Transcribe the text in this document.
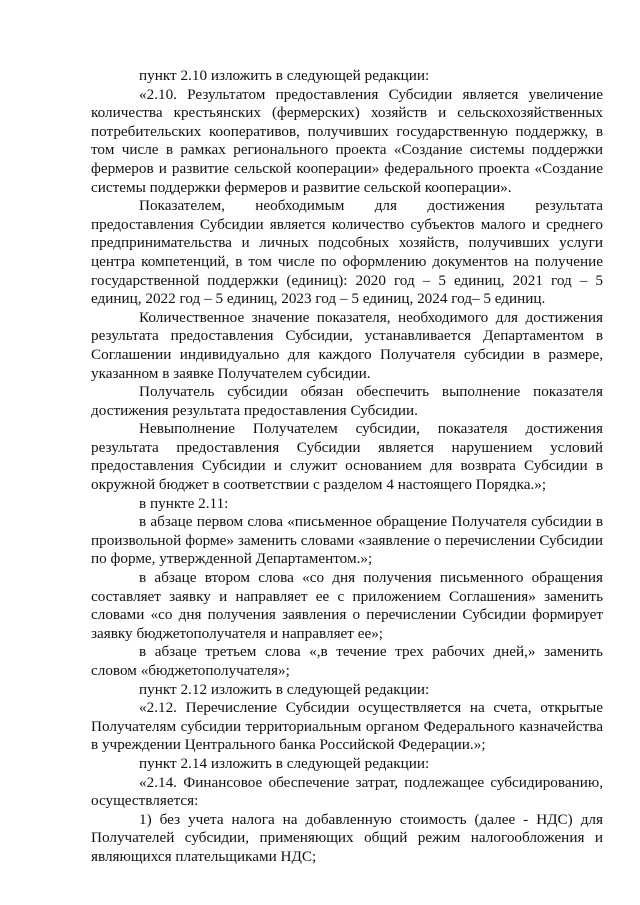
пункт 2.10 изложить в следующей редакции:

«2.10. Результатом предоставления Субсидии является увеличение количества крестьянских (фермерских) хозяйств и сельскохозяйственных потребительских кооперативов, получивших государственную поддержку, в том числе в рамках регионального проекта «Создание системы поддержки фермеров и развитие сельской кооперации» федерального проекта «Создание системы поддержки фермеров и развитие сельской кооперации».

Показателем, необходимым для достижения результата предоставления Субсидии является количество субъектов малого и среднего предпринимательства и личных подсобных хозяйств, получивших услуги центра компетенций, в том числе по оформлению документов на получение государственной поддержки (единиц): 2020 год – 5 единиц, 2021 год – 5 единиц, 2022 год – 5 единиц, 2023 год – 5 единиц, 2024 год– 5 единиц.

Количественное значение показателя, необходимого для достижения результата предоставления Субсидии, устанавливается Департаментом в Соглашении индивидуально для каждого Получателя субсидии в размере, указанном в заявке Получателем субсидии.

Получатель субсидии обязан обеспечить выполнение показателя достижения результата предоставления Субсидии.

Невыполнение Получателем субсидии, показателя достижения результата предоставления Субсидии является нарушением условий предоставления Субсидии и служит основанием для возврата Субсидии в окружной бюджет в соответствии с разделом 4 настоящего Порядка.»;

в пункте 2.11:

в абзаце первом слова «письменное обращение Получателя субсидии в произвольной форме» заменить словами «заявление о перечислении Субсидии по форме, утвержденной Департаментом.»;

в абзаце втором слова «со дня получения письменного обращения составляет заявку и направляет ее с приложением Соглашения» заменить словами «со дня получения заявления о перечислении Субсидии формирует заявку бюджетополучателя и направляет ее»;

в абзаце третьем слова «,в течение трех рабочих дней,» заменить словом «бюджетополучателя»;

пункт 2.12 изложить в следующей редакции:

«2.12. Перечисление Субсидии осуществляется на счета, открытые Получателям субсидии территориальным органом Федерального казначейства в учреждении Центрального банка Российской Федерации.»;

пункт 2.14 изложить в следующей редакции:

«2.14. Финансовое обеспечение затрат, подлежащее субсидированию, осуществляется:

1) без учета налога на добавленную стоимость (далее - НДС) для Получателей субсидии, применяющих общий режим налогообложения и являющихся плательщиками НДС;
